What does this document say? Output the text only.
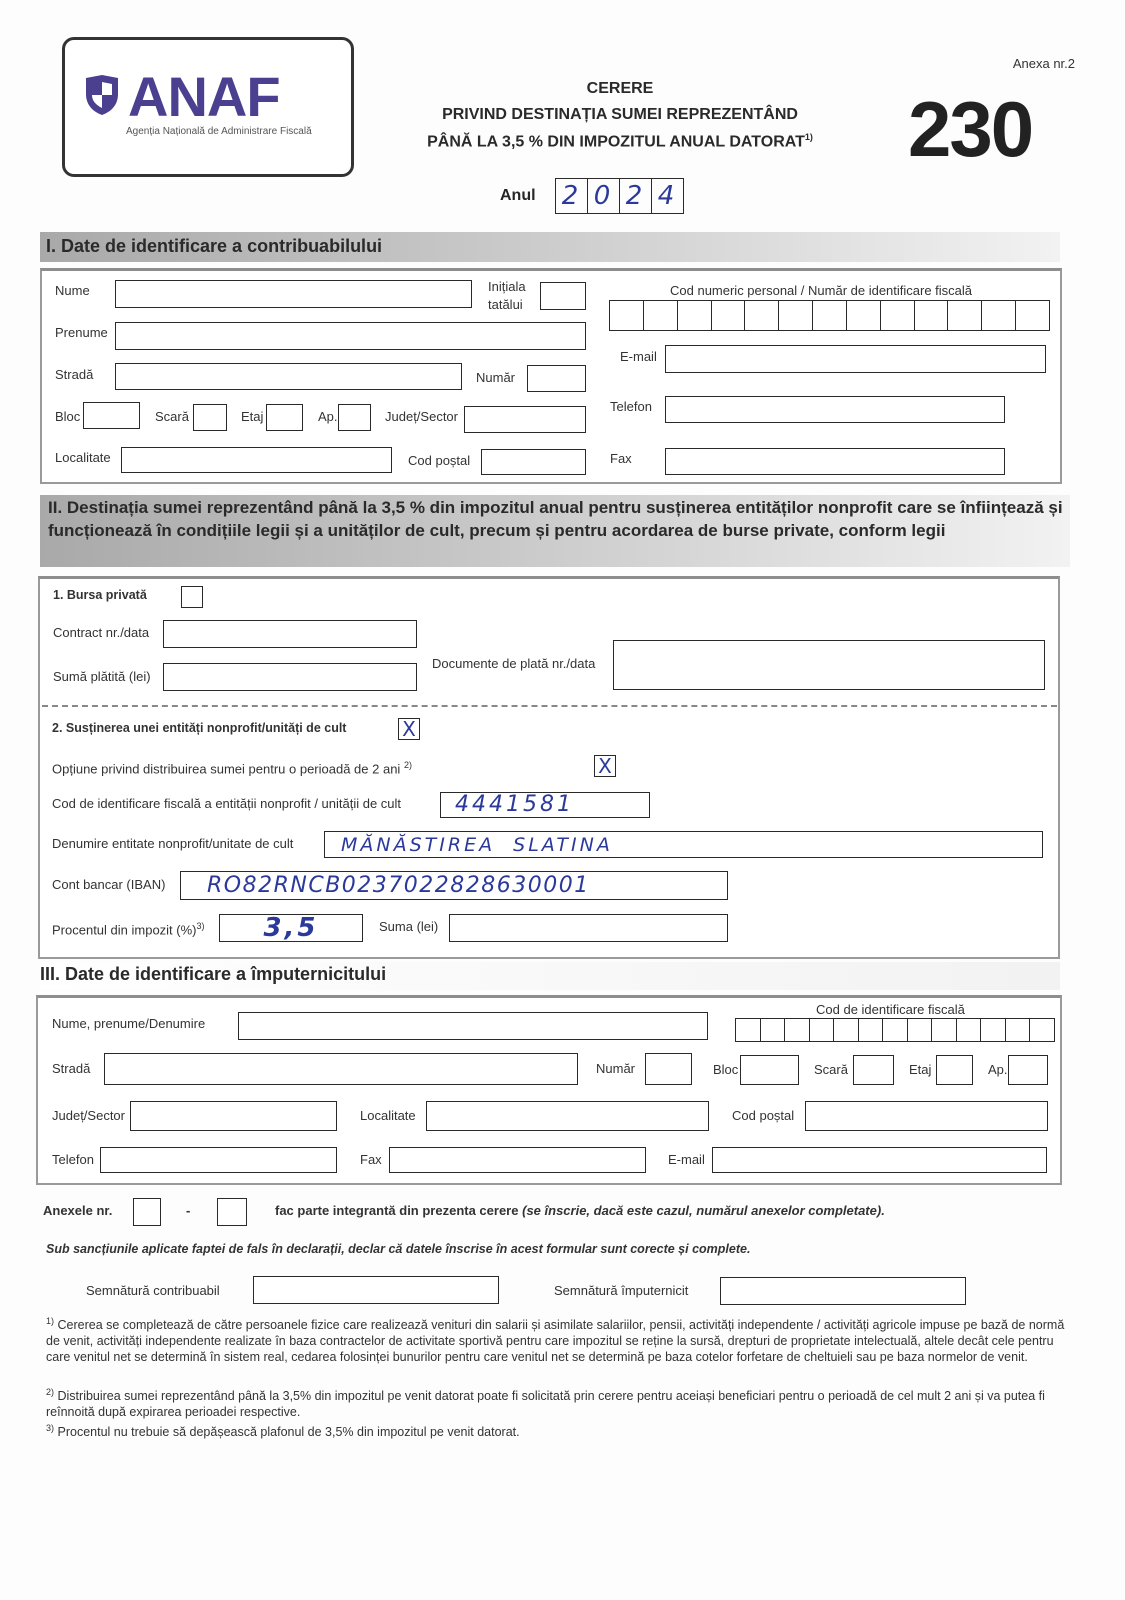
ANAF
Agenția Națională de Administrare Fiscală
CERERE
PRIVIND DESTINAȚIA SUMEI REPREZENTÂND
PÂNĂ LA 3,5 % DIN IMPOZITUL ANUAL DATORAT$^{1)}$
Anexa nr.2
230
Anul 2 0 2 4
I. Date de identificare a contribuabilului
Nume	Inițiala
tatălui
Prenume
Stradă	Număr
Bloc	Scară	Etaj	Ap.	Județ/Sector
Localitate	Cod poștal
Cod numeric personal / Număr de identificare fiscală
E-mail
Telefon
Fax
II. Destinația sumei reprezentând până la 3,5 % din impozitul anual pentru susținerea entităților nonprofit care se înființează și funcționează în condițiile legii și a unităților de cult, precum și pentru acordarea de burse private, conform legii
1. Bursa privată
Contract nr./data
Sumă plătită (lei)
Documente de plată nr./data
2. Susținerea unei entități nonprofit/unități de cult	X
Opțiune privind distribuirea sumei pentru o perioadă de 2 ani $^{2)}$	X
Cod de identificare fiscală a entității nonprofit / unității de cult	4441581
Denumire entitate nonprofit/unitate de cult	MĂNĂSTIREA  SLATINA
Cont bancar (IBAN)	RO82RNCB0237022828630001
Procentul din impozit (%)$^{3)}$	3,5	Suma (lei)
III. Date de identificare a împuternicitului
Nume, prenume/Denumire
Cod de identificare fiscală
Stradă	Număr	Bloc	Scară	Etaj	Ap.
Județ/Sector	Localitate	Cod poștal
Telefon	Fax	E-mail
Anexele nr.	-	fac parte integrantă din prezenta cerere (se înscrie, dacă este cazul, numărul anexelor completate).
Sub sancțiunile aplicate faptei de fals în declarații, declar că datele înscrise în acest formular sunt corecte și complete.
Semnătură contribuabil	Semnătură împuternicit
$^{1)}$ Cererea se completează de către persoanele fizice care realizează venituri din salarii și asimilate salariilor, pensii, activități independente / activități agricole impuse pe bază de normă de venit, activități independente realizate în baza contractelor de activitate sportivă pentru care impozitul se reține la sursă, drepturi de proprietate intelectuală, altele decât cele pentru care venitul net se determină în sistem real, cedarea folosinței bunurilor pentru care venitul net se determină pe baza cotelor forfetare de cheltuieli sau pe baza normelor de venit.
$^{2)}$ Distribuirea sumei reprezentând până la 3,5% din impozitul pe venit datorat poate fi solicitată prin cerere pentru aceiași beneficiari pentru o perioadă de cel mult 2 ani și va putea fi reînnoită după expirarea perioadei respective.
$^{3)}$ Procentul nu trebuie să depășească plafonul de 3,5% din impozitul pe venit datorat.
